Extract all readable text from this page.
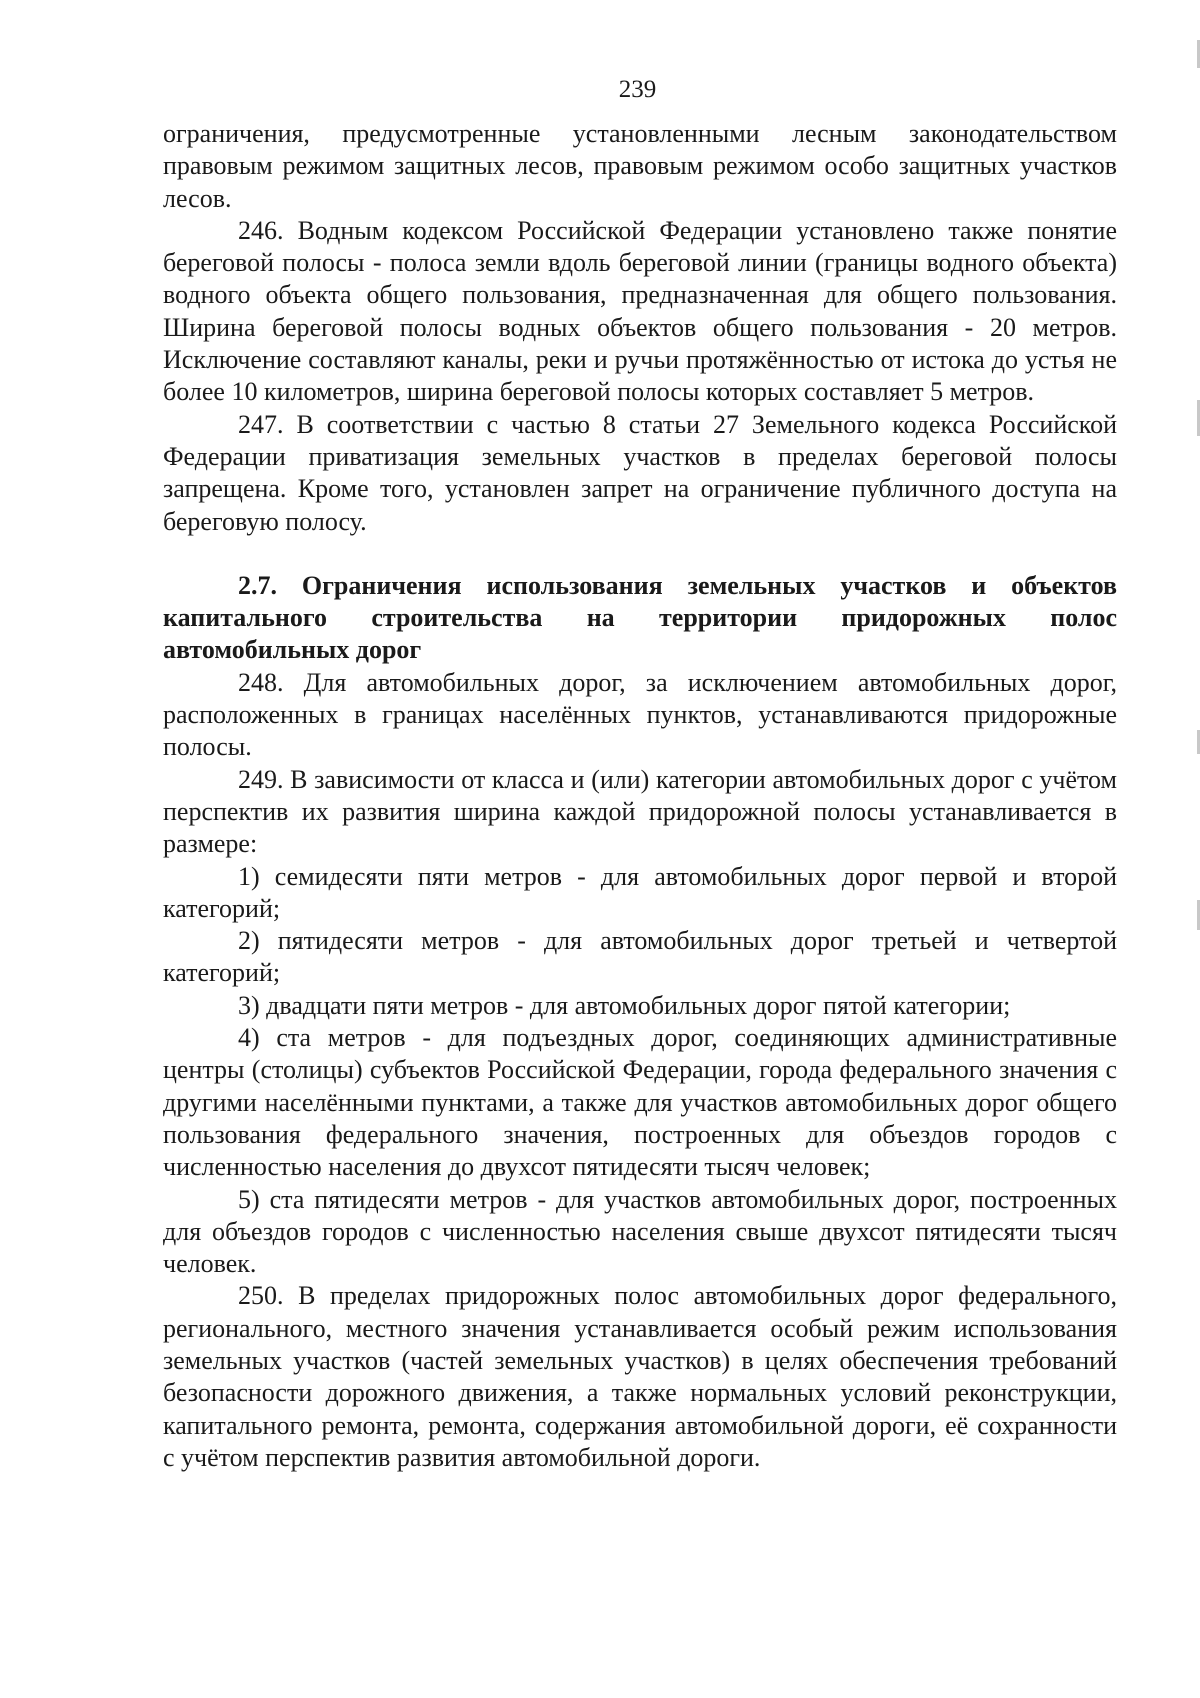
239

ограничения, предусмотренные установленными лесным законодательством правовым режимом защитных лесов, правовым режимом особо защитных участков лесов.

246. Водным кодексом Российской Федерации установлено также понятие береговой полосы - полоса земли вдоль береговой линии (границы водного объекта) водного объекта общего пользования, предназначенная для общего пользования. Ширина береговой полосы водных объектов общего пользования - 20 метров. Исключение составляют каналы, реки и ручьи протяжённостью от истока до устья не более 10 километров, ширина береговой полосы которых составляет 5 метров.

247. В соответствии с частью 8 статьи 27 Земельного кодекса Российской Федерации приватизация земельных участков в пределах береговой полосы запрещена. Кроме того, установлен запрет на ограничение публичного доступа на береговую полосу.

2.7. Ограничения использования земельных участков и объектов капитального строительства на территории придорожных полос автомобильных дорог

248. Для автомобильных дорог, за исключением автомобильных дорог, расположенных в границах населённых пунктов, устанавливаются придорожные полосы.

249. В зависимости от класса и (или) категории автомобильных дорог с учётом перспектив их развития ширина каждой придорожной полосы устанавливается в размере:

1) семидесяти пяти метров - для автомобильных дорог первой и второй категорий;

2) пятидесяти метров - для автомобильных дорог третьей и четвертой категорий;

3) двадцати пяти метров - для автомобильных дорог пятой категории;

4) ста метров - для подъездных дорог, соединяющих административные центры (столицы) субъектов Российской Федерации, города федерального значения с другими населёнными пунктами, а также для участков автомобильных дорог общего пользования федерального значения, построенных для объездов городов с численностью населения до двухсот пятидесяти тысяч человек;

5) ста пятидесяти метров - для участков автомобильных дорог, построенных для объездов городов с численностью населения свыше двухсот пятидесяти тысяч человек.

250. В пределах придорожных полос автомобильных дорог федерального, регионального, местного значения устанавливается особый режим использования земельных участков (частей земельных участков) в целях обеспечения требований безопасности дорожного движения, а также нормальных условий реконструкции, капитального ремонта, ремонта, содержания автомобильной дороги, её сохранности с учётом перспектив развития автомобильной дороги.
